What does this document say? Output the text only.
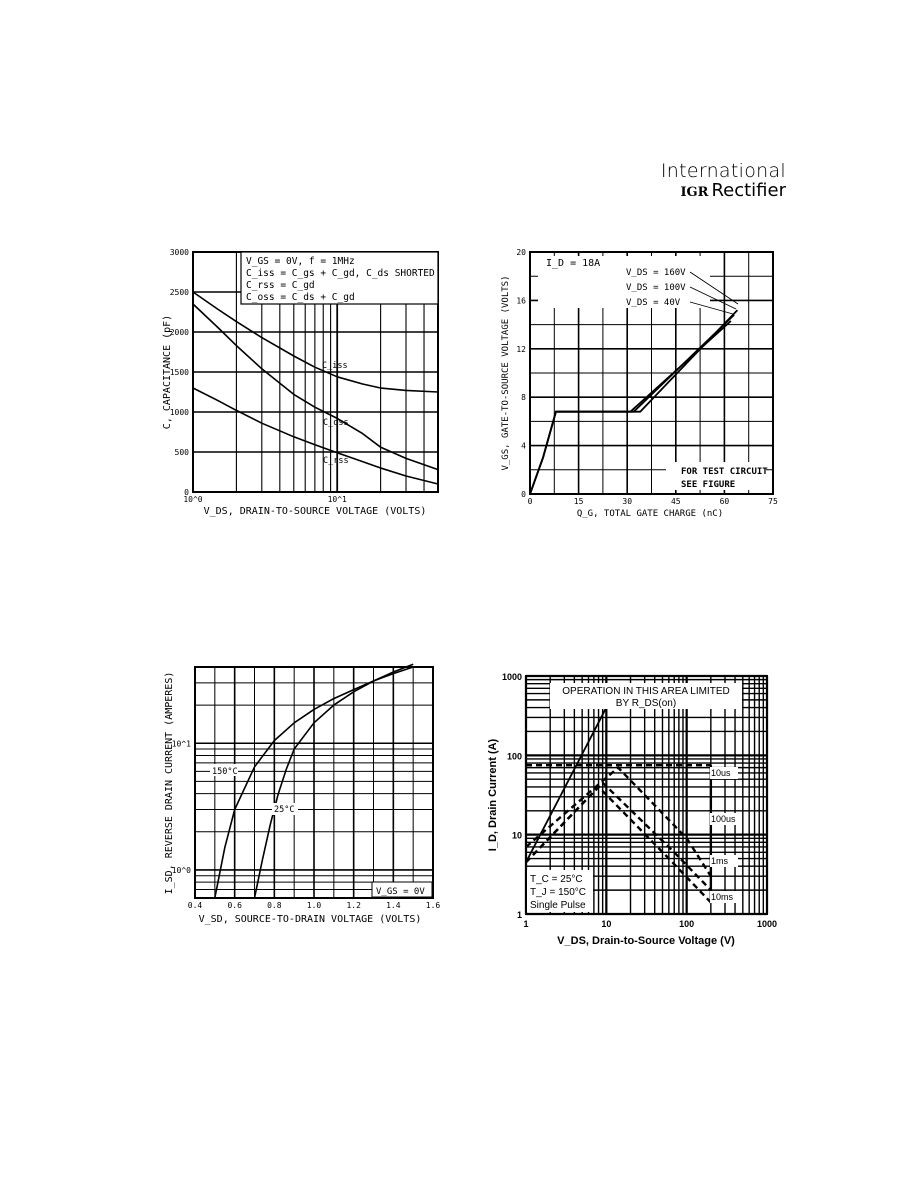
International
IGR Rectifier
V_GS = 0V, f = 1MHz
C_iss = C_gs + C_gd, C_ds SHORTED
C_rss = C_gd
C_oss = C_ds + C_gd
C_iss
C_oss
C_rss
0
500
1000
1500
2000
2500
3000
10^0	10^1
V_DS, DRAIN-TO-SOURCE VOLTAGE (VOLTS)
C, CAPACITANCE (pF)
I_D = 18A
V_DS = 160V
V_DS = 100V
V_DS = 40V
FOR TEST CIRCUIT
SEE FIGURE
0
4
8
12
16
20
0	15	30	45	60	75
Q_G, TOTAL GATE CHARGE (nC)
V_GS, GATE-TO-SOURCE VOLTAGE (VOLTS)
V_GS = 0V
150°C
25°C
10^0
10^1
0.4	0.6	0.8	1.0	1.2	1.4	1.6
V_SD, SOURCE-TO-DRAIN VOLTAGE (VOLTS)
I_SD, REVERSE DRAIN CURRENT (AMPERES)	OPERATION IN THIS AREA LIMITED
BY R_DS(on)
10us
100us
1ms
10ms
T_C = 25°C
T_J = 150°C
Single Pulse
1
10
100
1000
1	10	100	1000
V_DS, Drain-to-Source Voltage (V)
I_D, Drain Current (A)
